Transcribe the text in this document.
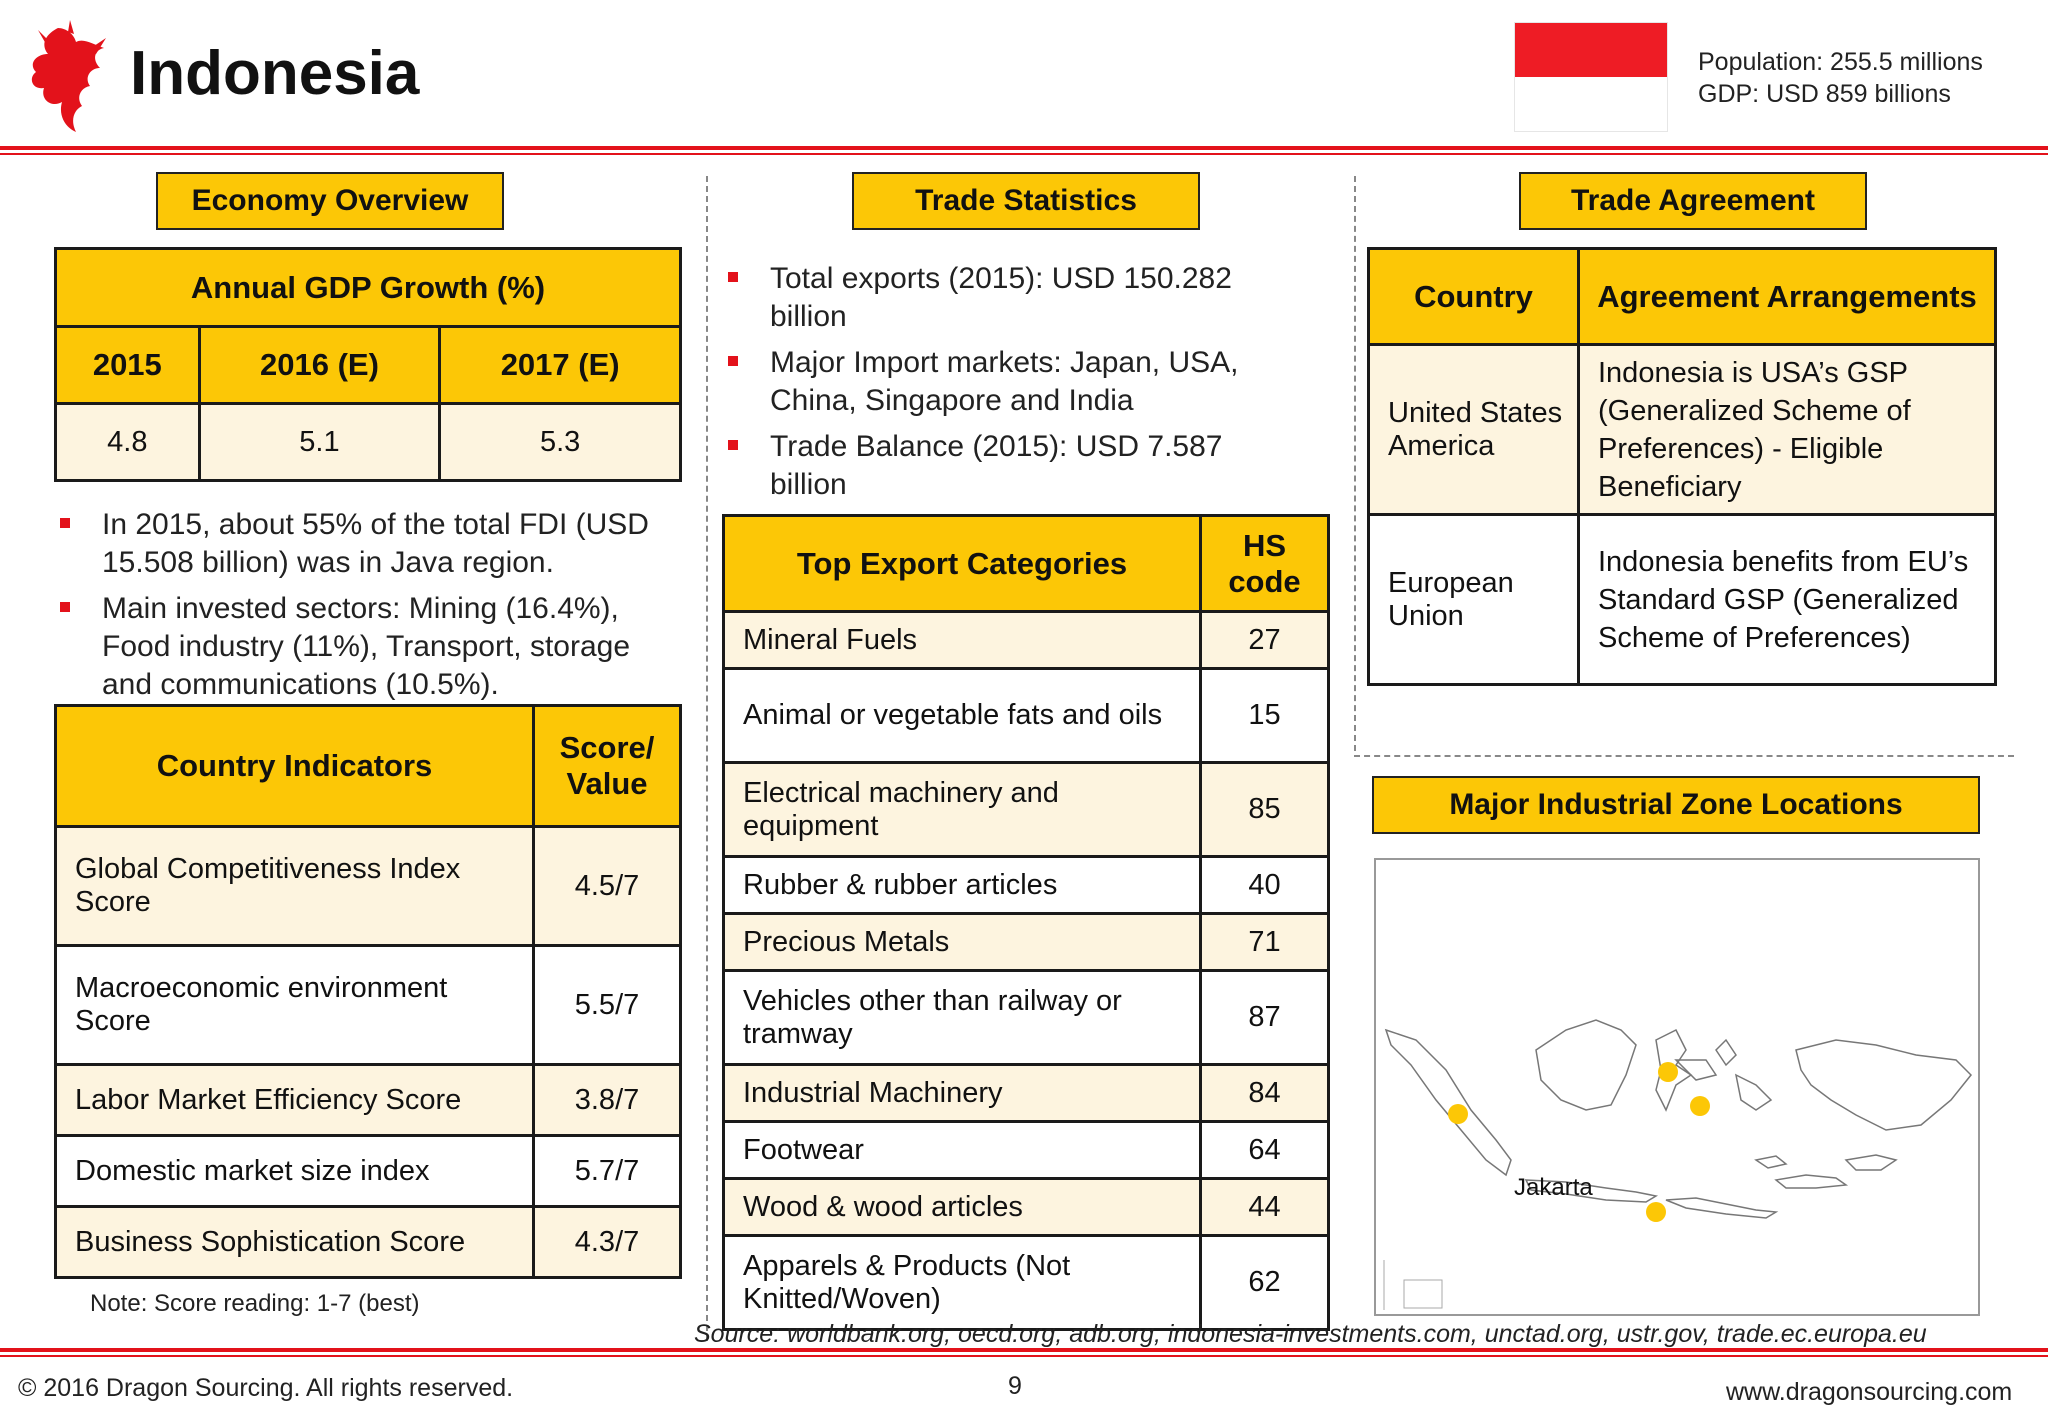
Indonesia	Population: 255.5 millions
GDP: USD 859 billions
Economy Overview
Annual GDP Growth (%)		
2015	2016 (E)	2017 (E)
4.8	5.1	5.3
In 2015, about 55% of the total FDI (USD 15.508 billion) was in Java region.
Main invested sectors: Mining (16.4%), Food industry (11%), Transport, storage and communications (10.5%).
Country Indicators	Score/ Value
Global Competitiveness Index Score	4.5/7
Macroeconomic environment Score	5.5/7
Labor Market Efficiency Score	3.8/7
Domestic market size index	5.7/7
Business Sophistication Score	4.3/7
Note: Score reading: 1-7 (best)
Trade Statistics
Total exports (2015): USD 150.282 billion
Major Import markets: Japan, USA, China, Singapore and India
Trade Balance (2015): USD 7.587 billion
Top Export Categories	HS code
Mineral Fuels	27
Animal or vegetable fats and oils	15
Electrical machinery and equipment	85
Rubber & rubber articles	40
Precious Metals	71
Vehicles other than railway or tramway	87
Industrial Machinery	84
Footwear	64
Wood & wood articles	44
Apparels & Products (Not Knitted/Woven)	62
Trade Agreement
Country	Agreement Arrangements
United States America	Indonesia is USA’s GSP (Generalized Scheme of Preferences) - Eligible Beneficiary
European Union	Indonesia benefits from EU’s Standard GSP (Generalized Scheme of Preferences)
Major Industrial Zone Locations
Jakarta
Source: worldbank.org, oecd.org, adb.org, indonesia-investments.com, unctad.org, ustr.gov, trade.ec.europa.eu
© 2016 Dragon Sourcing. All rights reserved.	9	www.dragonsourcing.com
